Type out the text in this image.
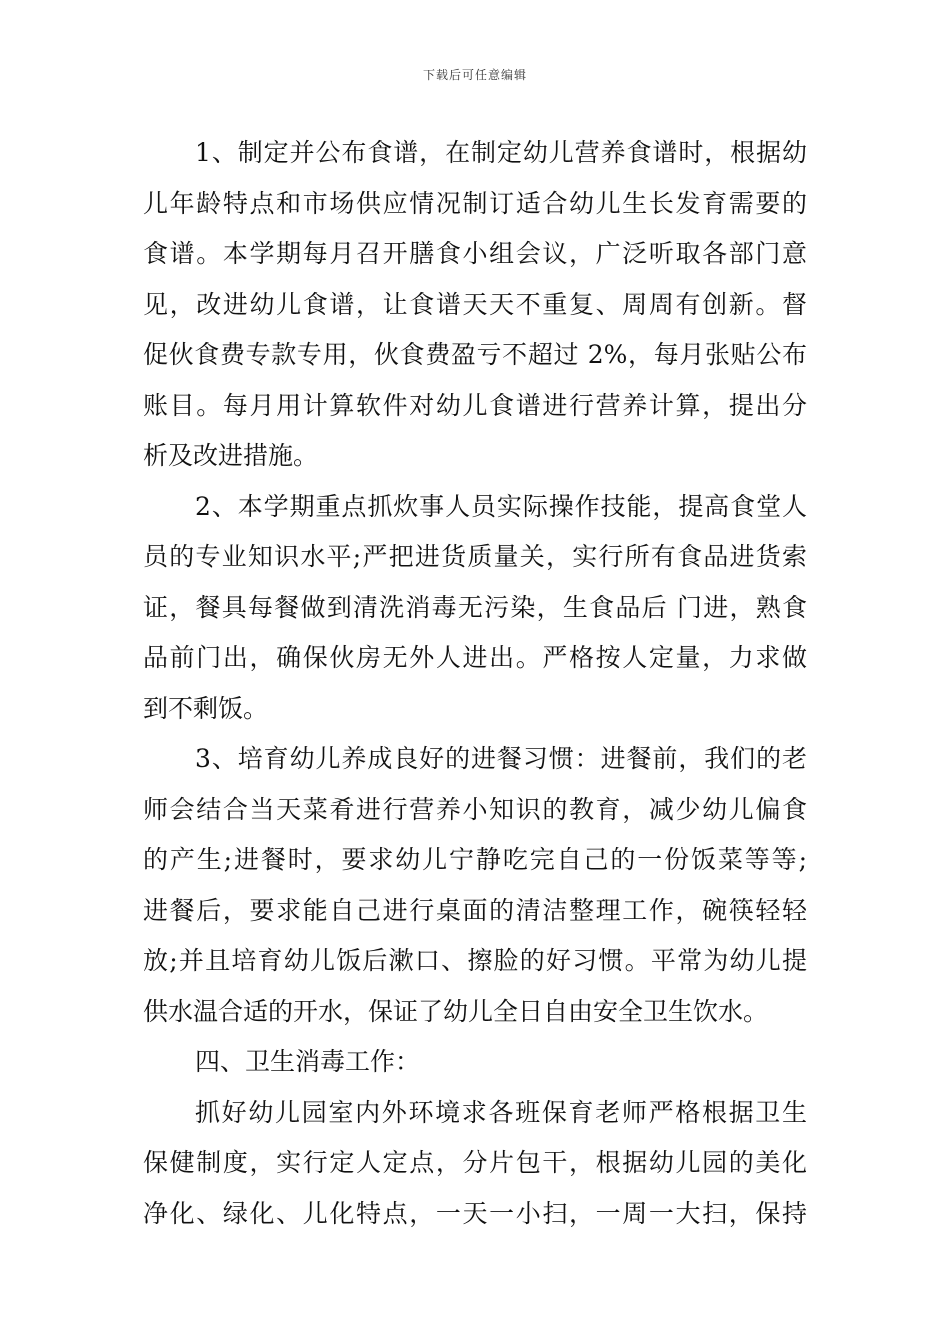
下载后可任意编辑
1、制定并公布食谱，在制定幼儿营养食谱时，根据幼
儿年龄特点和市场供应情况制订适合幼儿生长发育需要的
食谱。本学期每月召开膳食小组会议，广泛听取各部门意
见，改进幼儿食谱，让食谱天天不重复、周周有创新。督
促伙食费专款专用，伙食费盈亏不超过 2%，每月张贴公布
账目。每月用计算软件对幼儿食谱进行营养计算，提出分
析及改进措施。
2、本学期重点抓炊事人员实际操作技能，提高食堂人
员的专业知识水平;严把进货质量关，实行所有食品进货索
证，餐具每餐做到清洗消毒无污染，生食品后 门进，熟食
品前门出，确保伙房无外人进出。严格按人定量，力求做
到不剩饭。
3、培育幼儿养成良好的进餐习惯：进餐前，我们的老
师会结合当天菜肴进行营养小知识的教育，减少幼儿偏食
的产生;进餐时，要求幼儿宁静吃完自己的一份饭菜等等;
进餐后，要求能自己进行桌面的清洁整理工作，碗筷轻轻
放;并且培育幼儿饭后漱口、擦脸的好习惯。平常为幼儿提
供水温合适的开水，保证了幼儿全日自由安全卫生饮水。
四、卫生消毒工作：
抓好幼儿园室内外环境求各班保育老师严格根据卫生
保健制度，实行定人定点，分片包干，根据幼儿园的美化
净化、绿化、儿化特点，一天一小扫，一周一大扫，保持
